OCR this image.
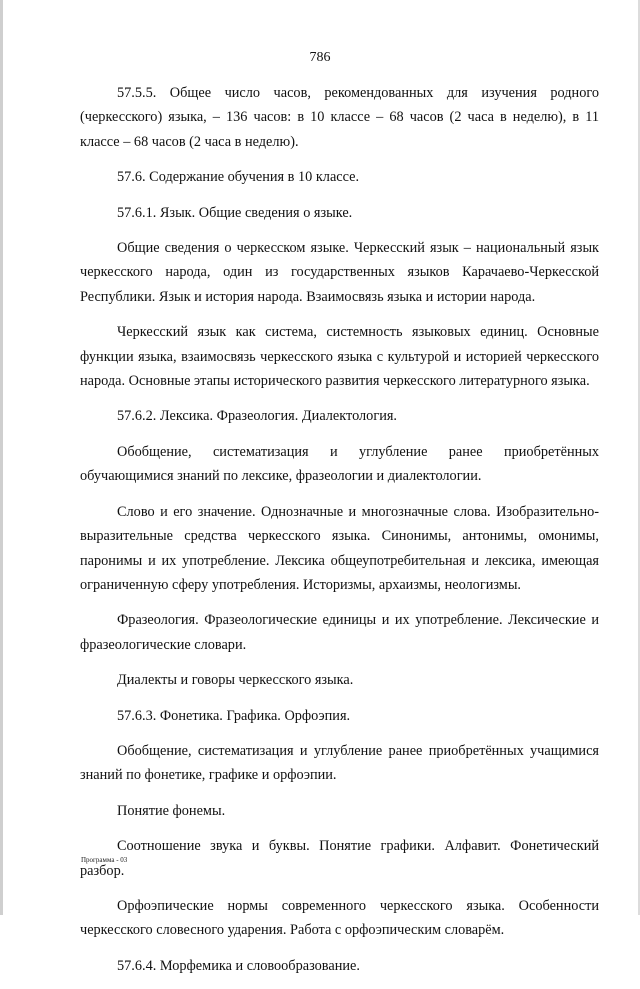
786

57.5.5. Общее число часов, рекомендованных для изучения родного (черкесского) языка, – 136 часов: в 10 классе – 68 часов (2 часа в неделю), в 11 классе – 68 часов (2 часа в неделю).

57.6. Содержание обучения в 10 классе.

57.6.1. Язык. Общие сведения о языке.

Общие сведения о черкесском языке. Черкесский язык – национальный язык черкесского народа, один из государственных языков Карачаево-Черкесской Республики. Язык и история народа. Взаимосвязь языка и истории народа.

Черкесский язык как система, системность языковых единиц. Основные функции языка, взаимосвязь черкесского языка с культурой и историей черкесского народа. Основные этапы исторического развития черкесского литературного языка.

57.6.2. Лексика. Фразеология. Диалектология.

Обобщение, систематизация и углубление ранее приобретённых обучающимися знаний по лексике, фразеологии и диалектологии.

Слово и его значение. Однозначные и многозначные слова. Изобразительно-выразительные средства черкесского языка. Синонимы, антонимы, омонимы, паронимы и их употребление. Лексика общеупотребительная и лексика, имеющая ограниченную сферу употребления. Историзмы, архаизмы, неологизмы.

Фразеология. Фразеологические единицы и их употребление. Лексические и фразеологические словари.

Диалекты и говоры черкесского языка.

57.6.3. Фонетика. Графика. Орфоэпия.

Обобщение, систематизация и углубление ранее приобретённых учащимися знаний по фонетике, графике и орфоэпии.

Понятие фонемы.

Соотношение звука и буквы. Понятие графики. Алфавит. Фонетический разбор.

Орфоэпические нормы современного черкесского языка. Особенности черкесского словесного ударения. Работа с орфоэпическим словарём.

57.6.4. Морфемика и словообразование.

Программа - 03
